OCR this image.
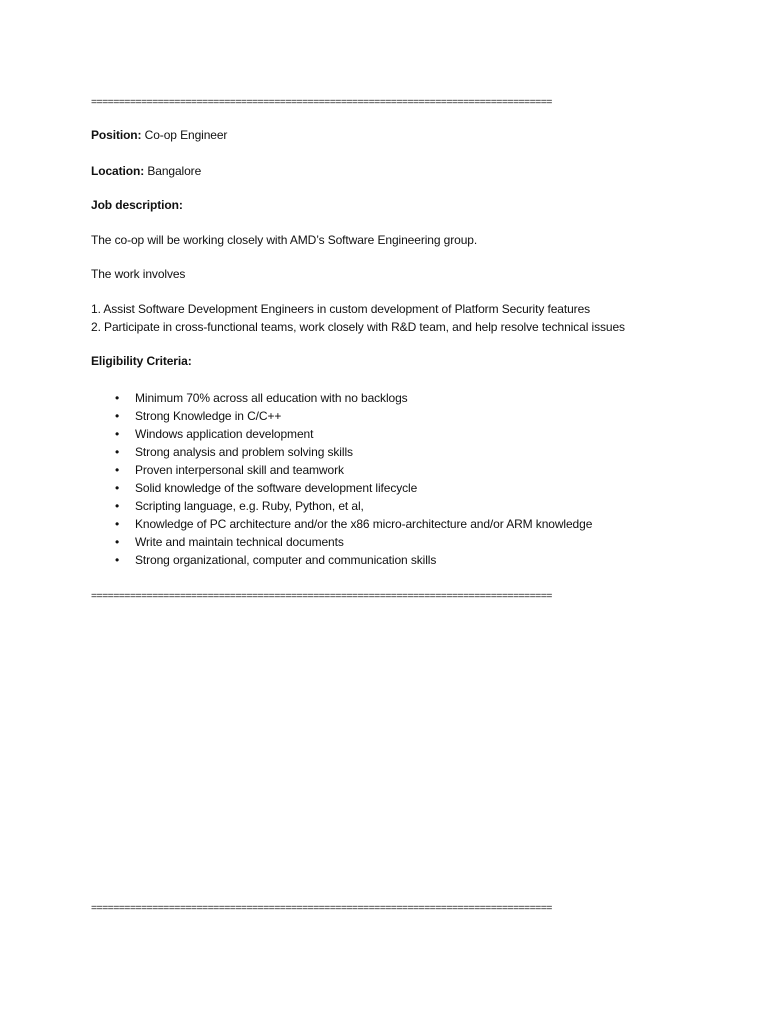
===================================================================================
Position: Co-op Engineer
Location: Bangalore
Job description:
The co-op will be working closely with AMD’s Software Engineering group.
The work involves
1. Assist Software Development Engineers in custom development of Platform Security features
2. Participate in cross-functional teams, work closely with R&D team, and help resolve technical issues
Eligibility Criteria:
• Minimum 70% across all education with no backlogs
• Strong Knowledge in C/C++
• Windows application development
• Strong analysis and problem solving skills
• Proven interpersonal skill and teamwork
• Solid knowledge of the software development lifecycle
• Scripting language, e.g. Ruby, Python, et al,
• Knowledge of PC architecture and/or the x86 micro-architecture and/or ARM knowledge
• Write and maintain technical documents
• Strong organizational, computer and communication skills
===================================================================================
===================================================================================
